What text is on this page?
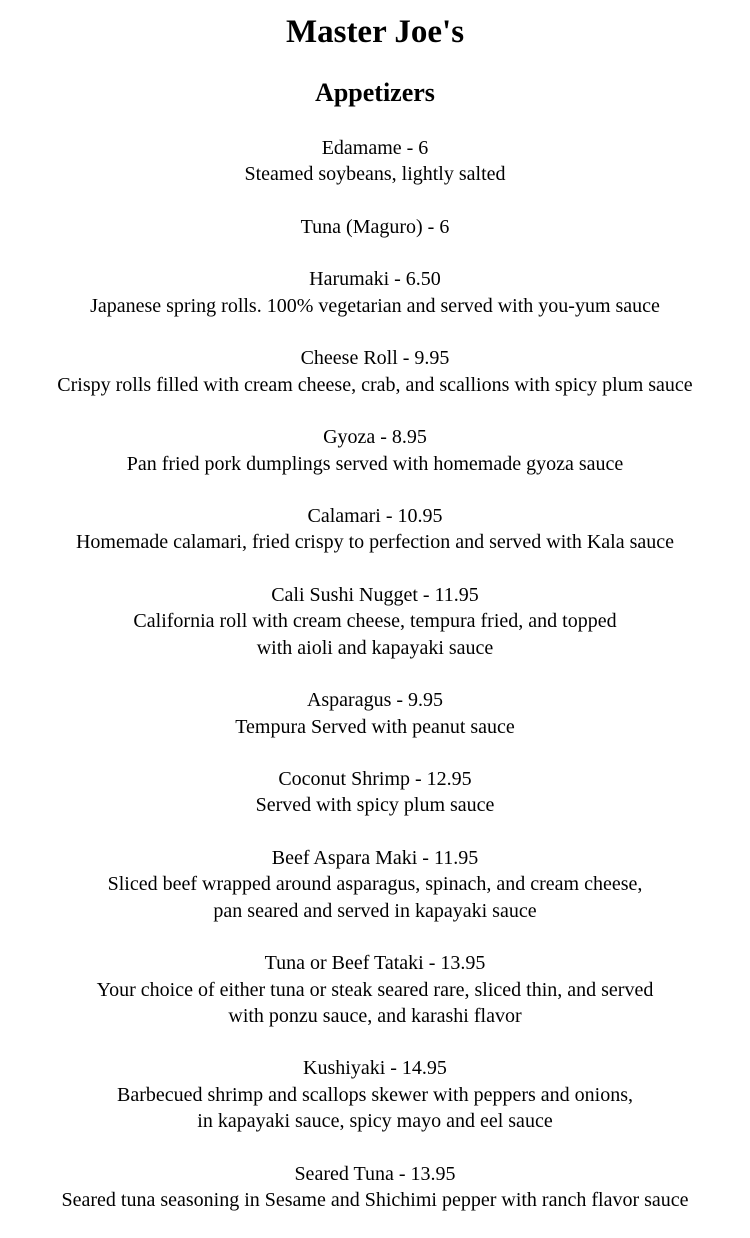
Master Joe's
Appetizers
Edamame - 6
Steamed soybeans, lightly salted
Tuna (Maguro) - 6
Harumaki - 6.50
Japanese spring rolls. 100% vegetarian and served with you-yum sauce
Cheese Roll - 9.95
Crispy rolls filled with cream cheese, crab, and scallions with spicy plum sauce
Gyoza - 8.95
Pan fried pork dumplings served with homemade gyoza sauce
Calamari - 10.95
Homemade calamari, fried crispy to perfection and served with Kala sauce
Cali Sushi Nugget - 11.95
California roll with cream cheese, tempura fried, and topped
with aioli and kapayaki sauce
Asparagus - 9.95
Tempura Served with peanut sauce
Coconut Shrimp - 12.95
Served with spicy plum sauce
Beef Aspara Maki - 11.95
Sliced beef wrapped around asparagus, spinach, and cream cheese,
pan seared and served in kapayaki sauce
Tuna or Beef Tataki - 13.95
Your choice of either tuna or steak seared rare, sliced thin, and served
with ponzu sauce, and karashi flavor
Kushiyaki - 14.95
Barbecued shrimp and scallops skewer with peppers and onions,
in kapayaki sauce, spicy mayo and eel sauce
Seared Tuna - 13.95
Seared tuna seasoning in Sesame and Shichimi pepper with ranch flavor sauce
